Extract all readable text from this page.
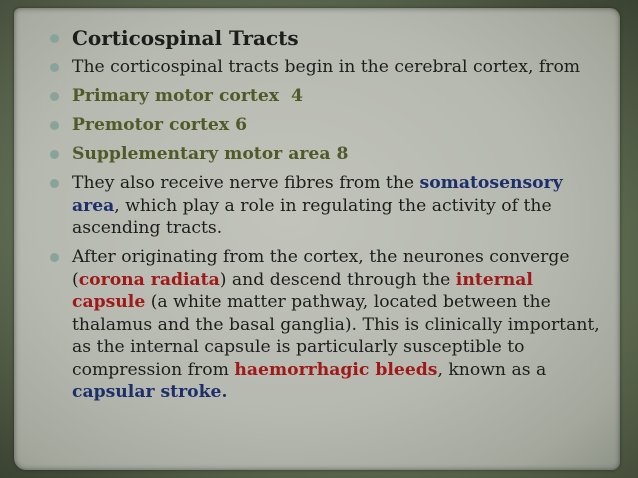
Corticospinal Tracts
The corticospinal tracts begin in the cerebral cortex, from
Primary motor cortex  4
Premotor cortex 6
Supplementary motor area 8
They also receive nerve fibres from the somatosensory area, which play a role in regulating the activity of the ascending tracts.
After originating from the cortex, the neurones converge (corona radiata) and descend through the internal capsule (a white matter pathway, located between the thalamus and the basal ganglia). This is clinically important, as the internal capsule is particularly susceptible to compression from haemorrhagic bleeds, known as a  capsular stroke.
